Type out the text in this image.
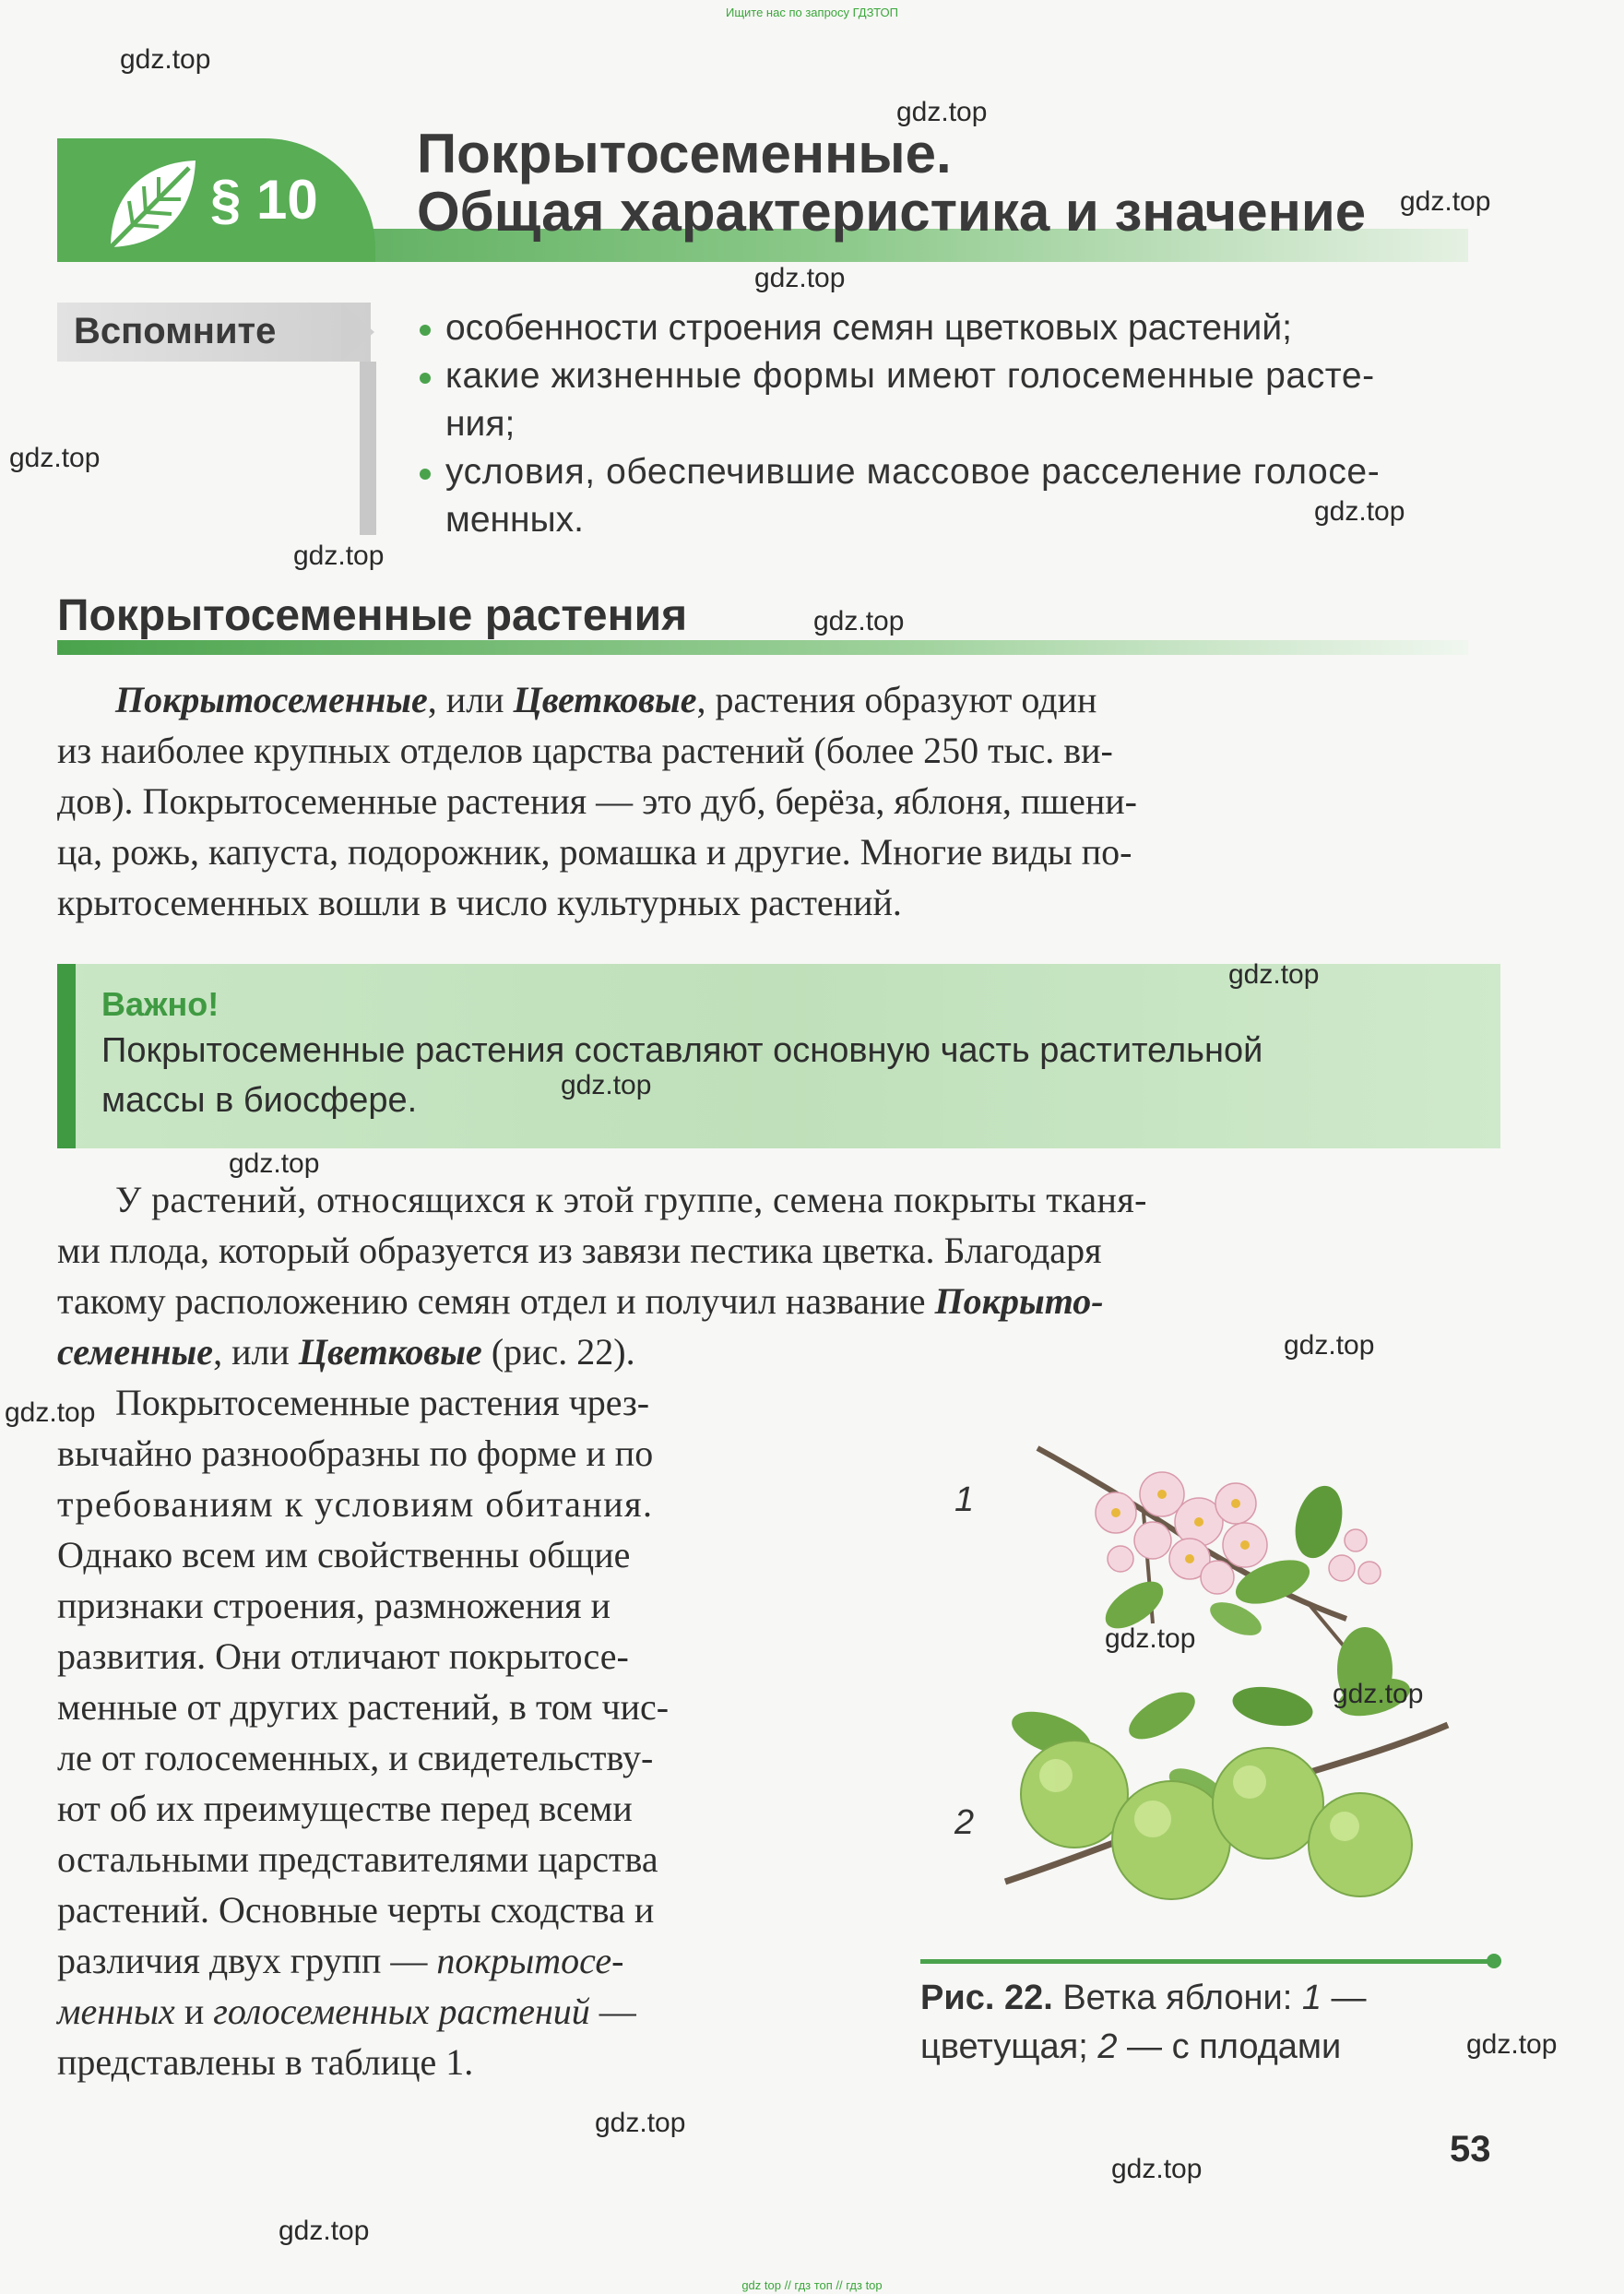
Ищите нас по запросу ГДЗТОП
gdz top // гдз топ // гдз top
§ 10
Покрытосеменные.
Общая характеристика и значение
Вспомните	особенности строения семян цветковых растений;
какие жизненные формы имеют голосеменные расте-
ния;
условия, обеспечившие массовое расселение голосе-
менных.
Покрытосеменные растения
Покрытосеменные, или Цветковые, растения образуют один
из наиболее крупных отделов царства растений (более 250 тыс. ви-
дов). Покрытосеменные растения — это дуб, берёза, яблоня, пшени-
ца, рожь, капуста, подорожник, ромашка и другие. Многие виды по-
крытосеменных вошли в число культурных растений.
Важно!
Покрытосеменные растения составляют основную часть растительной
массы в биосфере.
У растений, относящихся к этой группе, семена покрыты тканя-
ми плода, который образуется из завязи пестика цветка. Благодаря
такому расположению семян отдел и получил название Покрыто-
семенные, или Цветковые (рис. 22).
Покрытосеменные растения чрез-
вычайно разнообразны по форме и по
требованиям к условиям обитания.
Однако всем им свойственны общие
признаки строения, размножения и
развития. Они отличают покрытосе-
менные от других растений, в том чис-
ле от голосеменных, и свидетельству-
ют об их преимуществе перед всеми
остальными представителями царства
растений. Основные черты сходства и
различия двух групп — покрытосе-
менных и голосеменных растений —
представлены в таблице 1.
1
2
Рис. 22. Ветка яблони: 1 —
цветущая; 2 — с плодами
53
gdz.top
gdz.top
gdz.top
gdz.top
gdz.top
gdz.top
gdz.top
gdz.top
gdz.top
gdz.top
gdz.top
gdz.top
gdz.top
gdz.top
gdz.top
gdz.top
gdz.top
gdz.top
gdz.top
